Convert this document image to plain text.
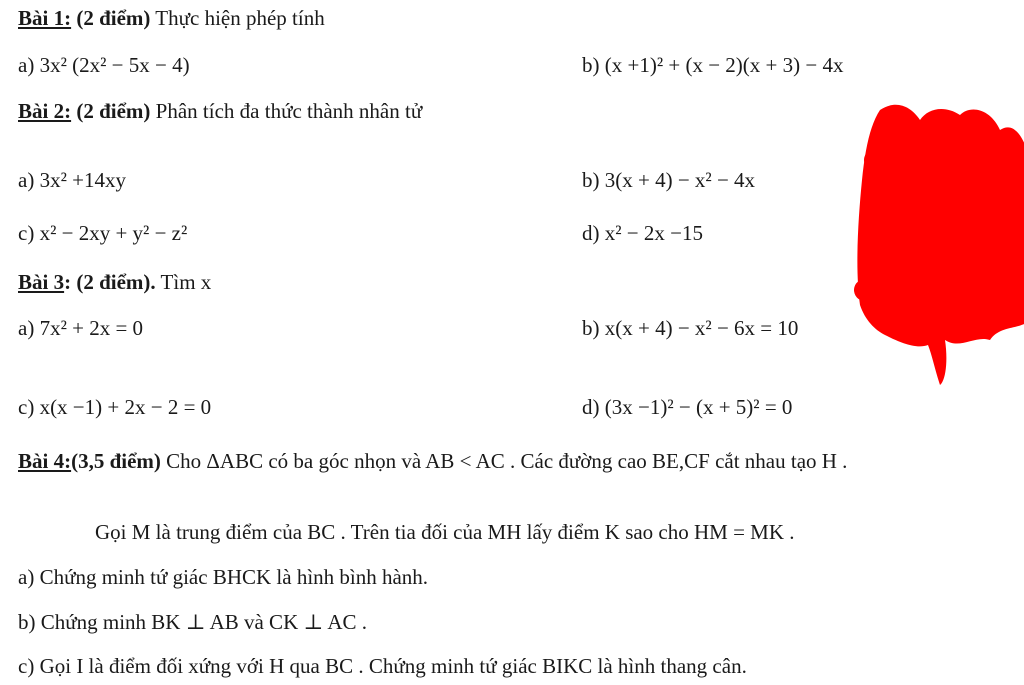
Bài 1: (2 điểm) Thực hiện phép tính
a) 3x² (2x² − 5x − 4)	b) (x +1)² + (x − 2)(x + 3) − 4x
Bài 2: (2 điểm) Phân tích đa thức thành nhân tử
a) 3x² +14xy	b) 3(x + 4) − x² − 4x
c) x² − 2xy + y² − z²	d) x² − 2x −15
Bài 3: (2 điểm). Tìm x
a) 7x² + 2x = 0	b) x(x + 4) − x² − 6x = 10
c) x(x −1) + 2x − 2 = 0	d) (3x −1)² − (x + 5)² = 0
Bài 4:(3,5 điểm) Cho ΔABC có ba góc nhọn và AB < AC . Các đường cao BE,CF cắt nhau tạo H .
Gọi M là trung điểm của BC . Trên tia đối của MH lấy điểm K sao cho HM = MK .
a) Chứng minh tứ giác BHCK là hình bình hành.
b) Chứng minh BK ⊥ AB và CK ⊥ AC .
c) Gọi I là điểm đối xứng với H qua BC . Chứng minh tứ giác BIKC là hình thang cân.
